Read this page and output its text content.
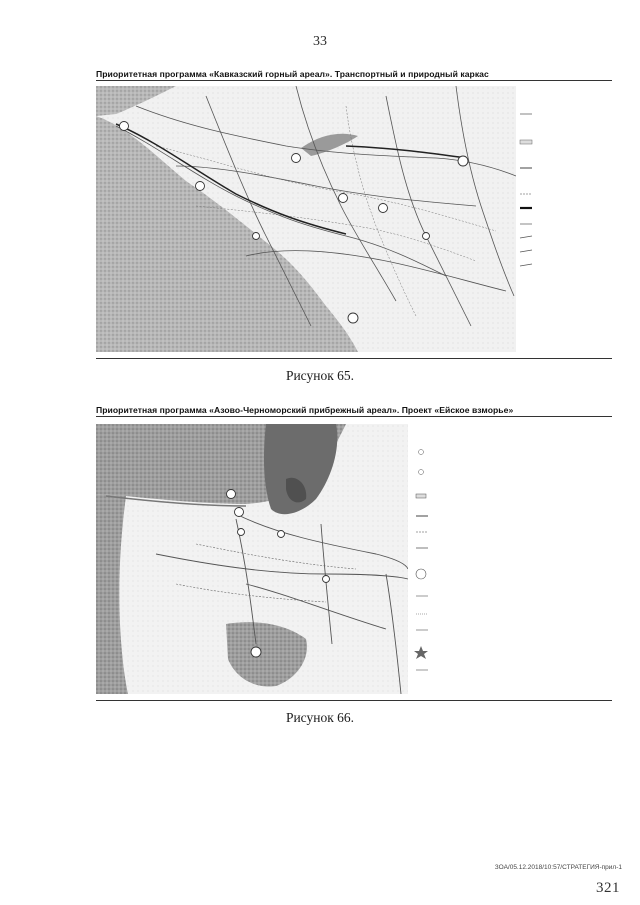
33
Приоритетная программа «Кавказский горный ареал». Транспортный и природный каркас
Рисунок 65.
Приоритетная программа «Азово-Черноморский прибрежный ареал». Проект «Ейское взморье»
Рисунок 66.
ЗОА/05.12.2018/10:57/СТРАТЕГИЯ-прил-1
321
